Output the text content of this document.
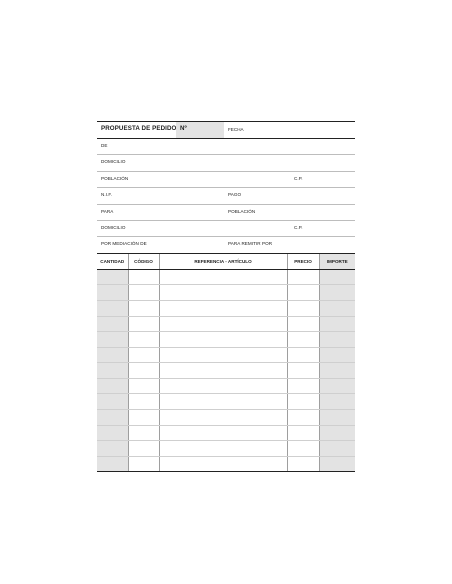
PROPUESTA DE PEDIDO Nº	FECHA
DE
DOMICILIO
POBLACIÓN	C.P.
N.I.F.	PAGO
PARA	POBLACIÓN
DOMICILIO	C.P.
POR MEDIACIÓN DE	PARA REMITIR POR
CANTIDAD	CÓDIGO	REFERENCIA - ARTÍCULO	PRECIO	IMPORTE
